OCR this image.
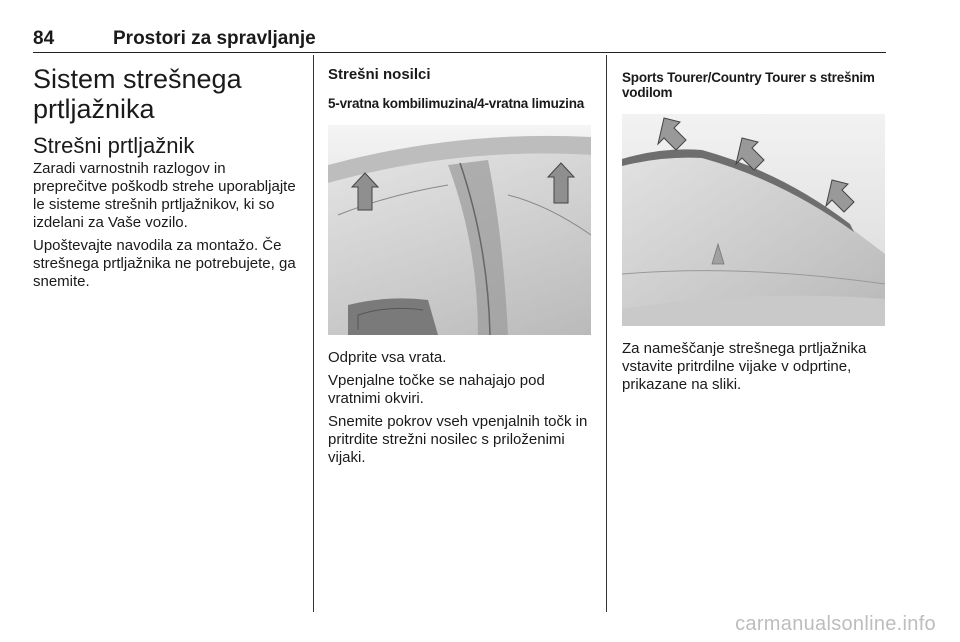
84	Prostori za spravljanje
Sistem strešnega prtljažnika
Strešni prtljažnik

Zaradi varnostnih razlogov in preprečitve poškodb strehe uporabljajte le sisteme strešnih prtljažnikov, ki so izdelani za Vaše vozilo.

Upoštevajte navodila za montažo. Če strešnega prtljažnika ne potrebujete, ga snemite.

Strešni nosilci
5-vratna kombilimuzina/4-vratna limuzina

Odprite vsa vrata.

Vpenjalne točke se nahajajo pod vratnimi okviri.

Snemite pokrov vseh vpenjalnih točk in pritrdite strežni nosilec s priloženimi vijaki.

Sports Tourer/Country Tourer s strešnim vodilom

Za nameščanje strešnega prtljažnika vstavite pritrdilne vijake v odprtine, prikazane na sliki.

carmanualsonline.info
